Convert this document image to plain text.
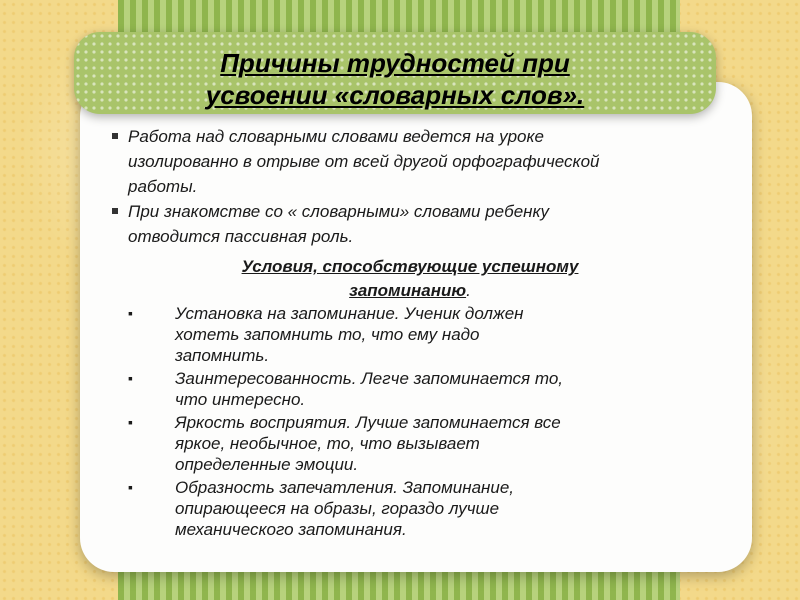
Причины трудностей при
усвоении «словарных слов».
Работа над словарными словами ведется на уроке
изолированно в отрыве от всей другой орфографической
работы.
При знакомстве со « словарными» словами ребенку
отводится пассивная роль.

Условия, способствующие успешному
запоминанию.

▪ Установка на запоминание. Ученик должен
хотеть запомнить то, что ему надо
запомнить.
▪ Заинтересованность. Легче запоминается то,
что интересно.
▪ Яркость восприятия. Лучше запоминается все
яркое, необычное, то, что вызывает
определенные эмоции.
▪ Образность запечатления. Запоминание,
опирающееся на образы, гораздо лучше
механического запоминания.
